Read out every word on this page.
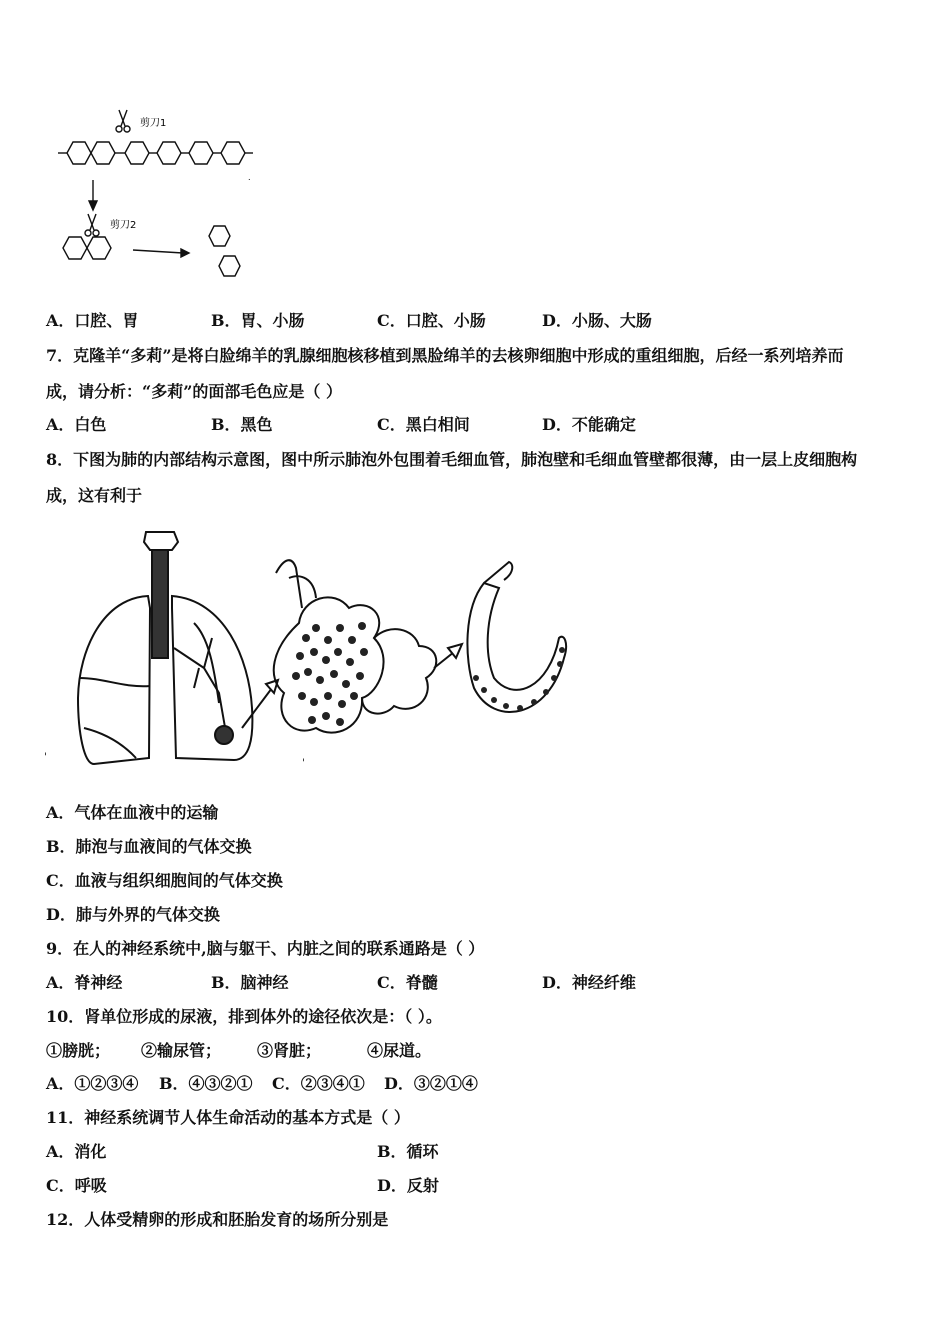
剪刀1
剪刀2
.
A．口腔、胃	B．胃、小肠	C．口腔、小肠	D．小肠、大肠
7．克隆羊“多莉”是将白脸绵羊的乳腺细胞核移植到黑脸绵羊的去核卵细胞中形成的重组细胞，后经一系列培养而
成，请分析：“多莉”的面部毛色应是（ ）
A．白色	B．黑色	C．黑白相间	D．不能确定
8．下图为肺的内部结构示意图，图中所示肺泡外包围着毛细血管，肺泡壁和毛细血管壁都很薄，由一层上皮细胞构
成，这有利于
'
'
A．气体在血液中的运输
B．肺泡与血液间的气体交换
C．血液与组织细胞间的气体交换
D．肺与外界的气体交换
9．在人的神经系统中,脑与躯干、内脏之间的联系通路是（ ）
A．脊神经	B．脑神经	C．脊髓	D．神经纤维
10．肾单位形成的尿液，排到体外的途径依次是：（ ）。
①膀胱； ②输尿管； ③肾脏；	④尿道。
A．①②③④ B．④③②① C．②③④① D．③②①④
11．神经系统调节人体生命活动的基本方式是（ ）
A．消化	B．循环
C．呼吸	D．反射
12．人体受精卵的形成和胚胎发育的场所分别是
